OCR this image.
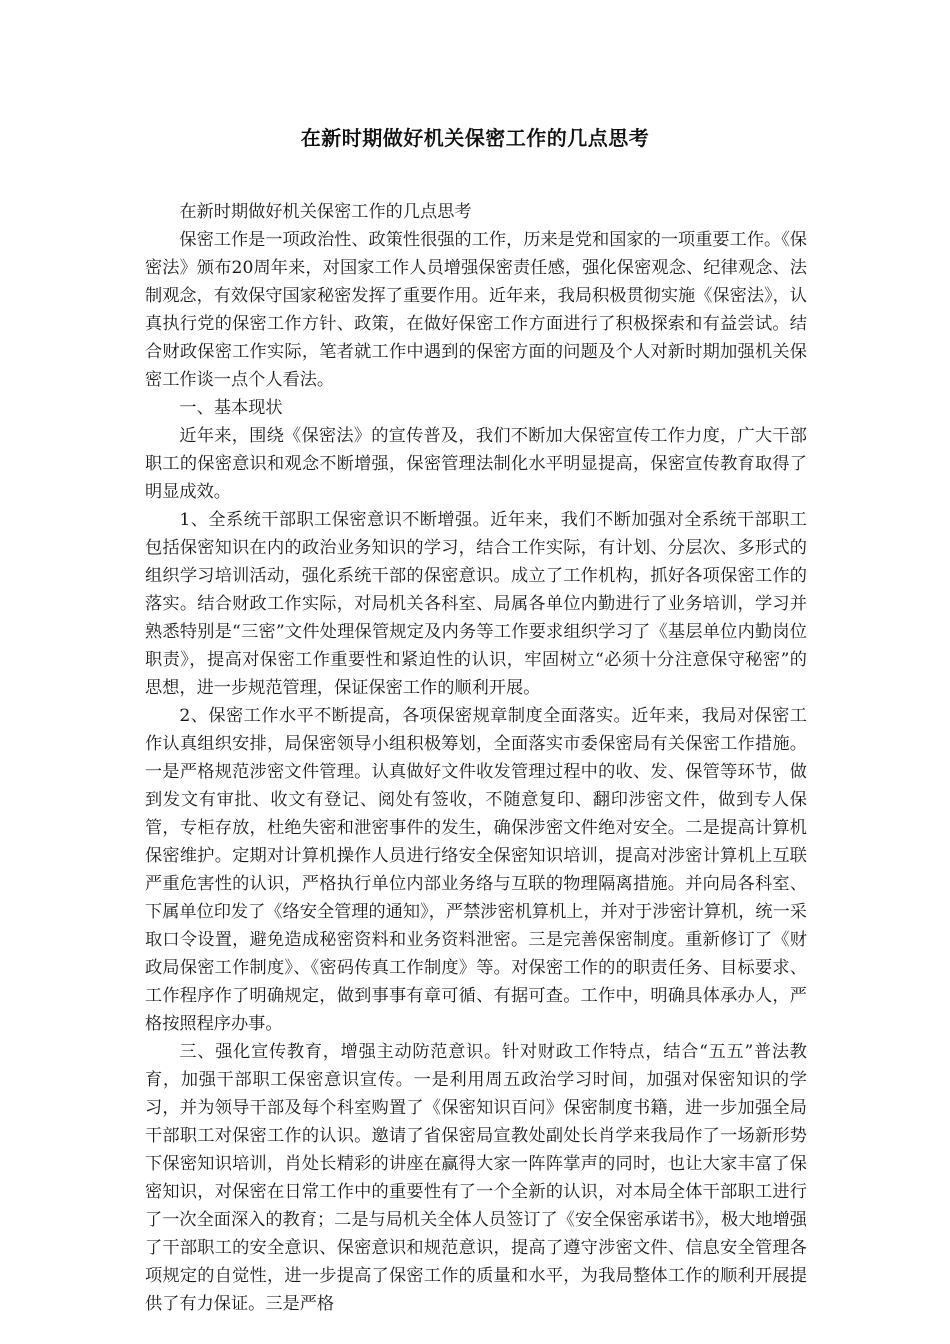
在新时期做好机关保密工作的几点思考

在新时期做好机关保密工作的几点思考

保密工作是一项政治性、政策性很强的工作，历来是党和国家的一项重要工作。《保密法》颁布20周年来，对国家工作人员增强保密责任感，强化保密观念、纪律观念、法制观念，有效保守国家秘密发挥了重要作用。近年来，我局积极贯彻实施《保密法》，认真执行党的保密工作方针、政策，在做好保密工作方面进行了积极探索和有益尝试。结合财政保密工作实际，笔者就工作中遇到的保密方面的问题及个人对新时期加强机关保密工作谈一点个人看法。

一、基本现状

近年来，围绕《保密法》的宣传普及，我们不断加大保密宣传工作力度，广大干部职工的保密意识和观念不断增强，保密管理法制化水平明显提高，保密宣传教育取得了明显成效。

1、全系统干部职工保密意识不断增强。近年来，我们不断加强对全系统干部职工包括保密知识在内的政治业务知识的学习，结合工作实际，有计划、分层次、多形式的组织学习培训活动，强化系统干部的保密意识。成立了工作机构，抓好各项保密工作的落实。结合财政工作实际，对局机关各科室、局属各单位内勤进行了业务培训，学习并熟悉特别是“三密”文件处理保管规定及内务等工作要求组织学习了《基层单位内勤岗位职责》，提高对保密工作重要性和紧迫性的认识，牢固树立“必须十分注意保守秘密”的思想，进一步规范管理，保证保密工作的顺利开展。

2、保密工作水平不断提高，各项保密规章制度全面落实。近年来，我局对保密工作认真组织安排，局保密领导小组积极筹划，全面落实市委保密局有关保密工作措施。一是严格规范涉密文件管理。认真做好文件收发管理过程中的收、发、保管等环节，做到发文有审批、收文有登记、阅处有签收，不随意复印、翻印涉密文件，做到专人保管，专柜存放，杜绝失密和泄密事件的发生，确保涉密文件绝对安全。二是提高计算机保密维护。定期对计算机操作人员进行络安全保密知识培训，提高对涉密计算机上互联严重危害性的认识，严格执行单位内部业务络与互联的物理隔离措施。并向局各科室、下属单位印发了《络安全管理的通知》，严禁涉密机算机上，并对于涉密计算机，统一采取口令设置，避免造成秘密资料和业务资料泄密。三是完善保密制度。重新修订了《财政局保密工作制度》、《密码传真工作制度》等。对保密工作的的职责任务、目标要求、工作程序作了明确规定，做到事事有章可循、有据可查。工作中，明确具体承办人，严格按照程序办事。

三、强化宣传教育，增强主动防范意识。针对财政工作特点，结合“五五”普法教育，加强干部职工保密意识宣传。一是利用周五政治学习时间，加强对保密知识的学习，并为领导干部及每个科室购置了《保密知识百问》保密制度书籍，进一步加强全局干部职工对保密工作的认识。邀请了省保密局宣教处副处长肖学来我局作了一场新形势下保密知识培训，肖处长精彩的讲座在赢得大家一阵阵掌声的同时，也让大家丰富了保密知识，对保密在日常工作中的重要性有了一个全新的认识，对本局全体干部职工进行了一次全面深入的教育；二是与局机关全体人员签订了《安全保密承诺书》，极大地增强了干部职工的安全意识、保密意识和规范意识，提高了遵守涉密文件、信息安全管理各项规定的自觉性，进一步提高了保密工作的质量和水平，为我局整体工作的顺利开展提供了有力保证。三是严格
